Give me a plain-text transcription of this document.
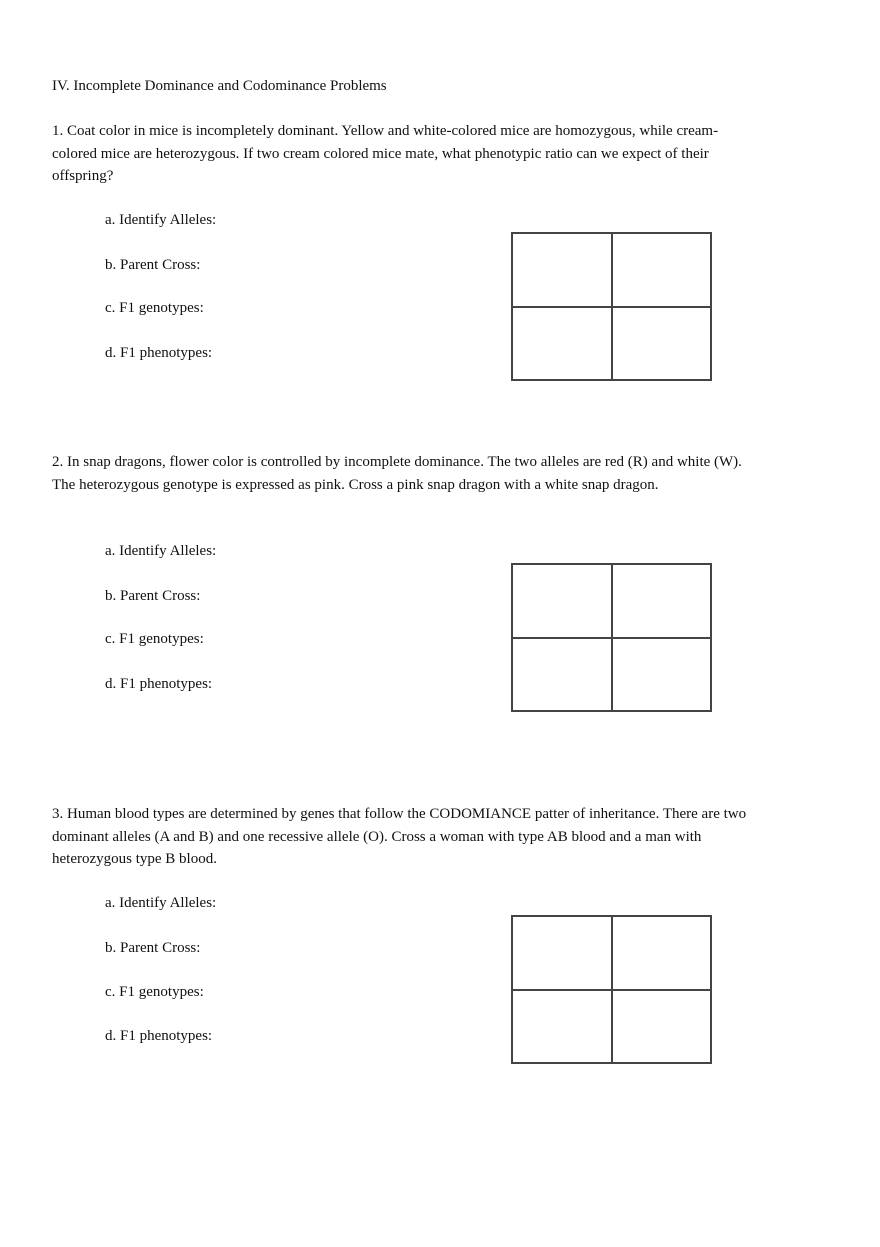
IV. Incomplete Dominance and Codominance Problems
1. Coat color in mice is incompletely dominant. Yellow and white-colored mice are homozygous, while cream-colored mice are heterozygous. If two cream colored mice mate, what phenotypic ratio can we expect of their offspring?
a. Identify Alleles:
b. Parent Cross:
c. F1 genotypes:
d. F1 phenotypes:
2. In snap dragons, flower color is controlled by incomplete dominance. The two alleles are red (R) and white (W). The heterozygous genotype is expressed as pink. Cross a pink snap dragon with a white snap dragon.
a. Identify Alleles:
b. Parent Cross:
c. F1 genotypes:
d. F1 phenotypes:
3. Human blood types are determined by genes that follow the CODOMIANCE patter of inheritance. There are two dominant alleles (A and B) and one recessive allele (O). Cross a woman with type AB blood and a man with heterozygous type B blood.
a. Identify Alleles:
b. Parent Cross:
c. F1 genotypes:
d. F1 phenotypes:
